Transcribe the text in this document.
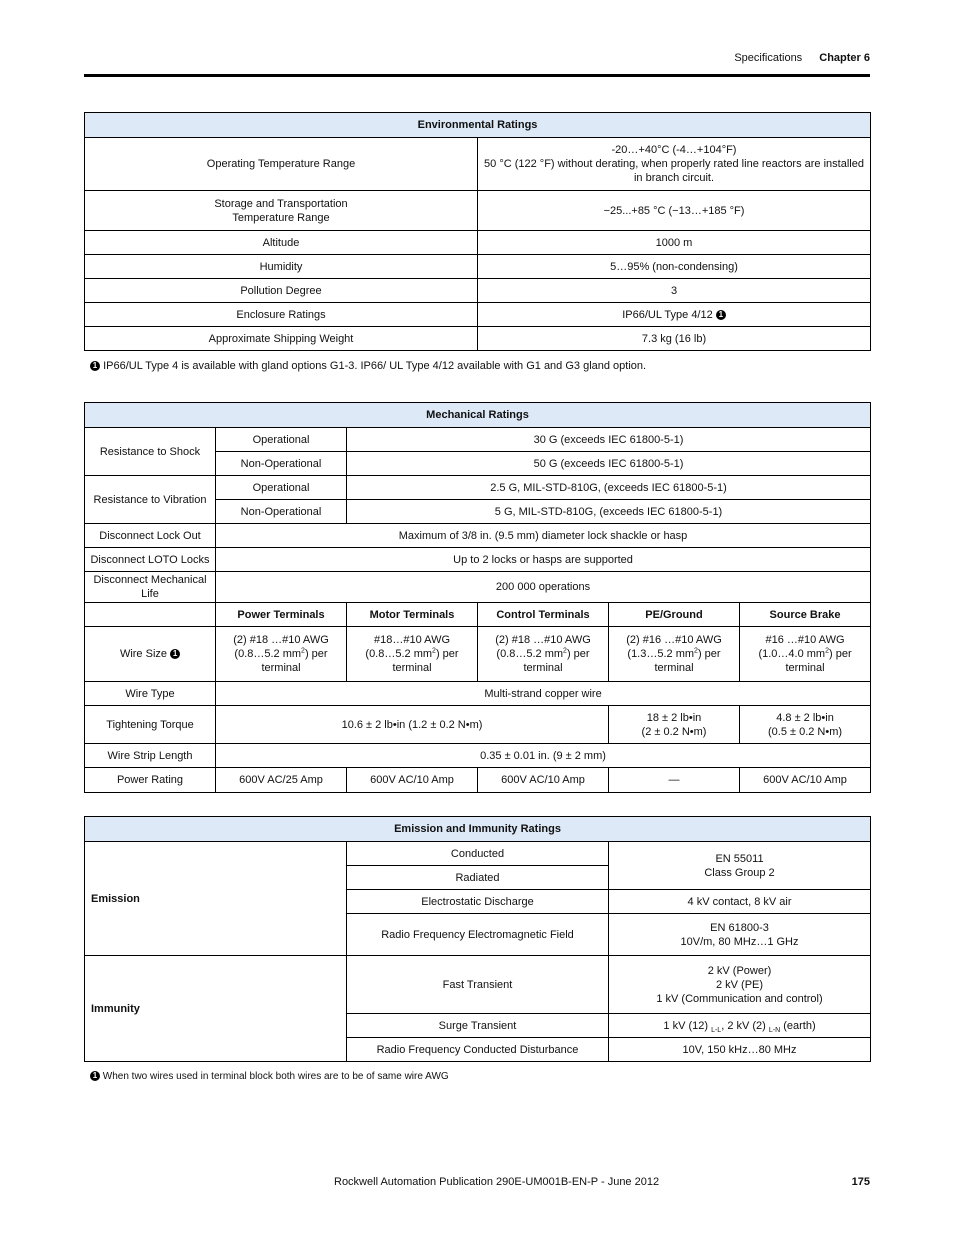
Specifications Chapter 6
Environmental Ratings	
Operating Temperature Range	-20…+40°C (-4…+104°F)
50 °C (122 °F) without derating, when properly rated line reactors are installed
in branch circuit.
Storage and Transportation
Temperature Range	−25...+85 °C (−13…+185 °F)
Altitude	1000 m
Humidity	5…95% (non-condensing)
Pollution Degree	3
Enclosure Ratings	IP66/UL Type 4/12 1
Approximate Shipping Weight	7.3 kg (16 lb)
1 IP66/UL Type 4 is available with gland options G1-3. IP66/ UL Type 4/12 available with G1 and G3 gland option.
Mechanical Ratings					
Resistance to Shock	Operational	30 G (exceeds IEC 61800-5-1)			
	Non-Operational	50 G (exceeds IEC 61800-5-1)			
Resistance to Vibration	Operational	2.5 G, MIL-STD-810G, (exceeds IEC 61800-5-1)			
	Non-Operational	5 G, MIL-STD-810G, (exceeds IEC 61800-5-1)			
Disconnect Lock Out	Maximum of 3/8 in. (9.5 mm) diameter lock shackle or hasp				
Disconnect LOTO Locks	Up to 2 locks or hasps are supported				
Disconnect Mechanical Life	200 000 operations				
	Power Terminals	Motor Terminals	Control Terminals	PE/Ground	Source Brake
Wire Size 1	(2) #18 …#10 AWG
(0.8…5.2 $mm^2$) per
terminal	#18…#10 AWG
(0.8…5.2 $mm^2$) per
terminal	(2) #18 …#10 AWG
(0.8…5.2 $mm^2$) per
terminal	(2) #16 …#10 AWG
(1.3…5.2 $mm^2$) per
terminal	#16 …#10 AWG
(1.0…4.0 $mm^2$) per
terminal
Wire Type	Multi-strand copper wire				
Tightening Torque	10.6 ± 2 lb•in (1.2 ± 0.2 N•m)			18 ± 2 lb•in
(2 ± 0.2 N•m)	4.8 ± 2 lb•in
(0.5 ± 0.2 N•m)
Wire Strip Length	0.35 ± 0.01 in. (9 ± 2 mm)				
Power Rating	600V AC/25 Amp	600V AC/10 Amp	600V AC/10 Amp	—	600V AC/10 Amp
Emission and Immunity Ratings		
Emission	Conducted	EN 55011
Class Group 2
	Radiated	
	Electrostatic Discharge	4 kV contact, 8 kV air
	Radio Frequency Electromagnetic Field	EN 61800-3
10V/m, 80 MHz…1 GHz
Immunity	Fast Transient	2 kV (Power)
2 kV (PE)
1 kV (Communication and control)
	Surge Transient	1 kV (12) $_{L-L}$, 2 kV (2) $_{L-N}$ (earth)
	Radio Frequency Conducted Disturbance	10V, 150 kHz…80 MHz
1 When two wires used in terminal block both wires are to be of same wire AWG
Rockwell Automation Publication 290E-UM001B-EN-P - June 2012	175
